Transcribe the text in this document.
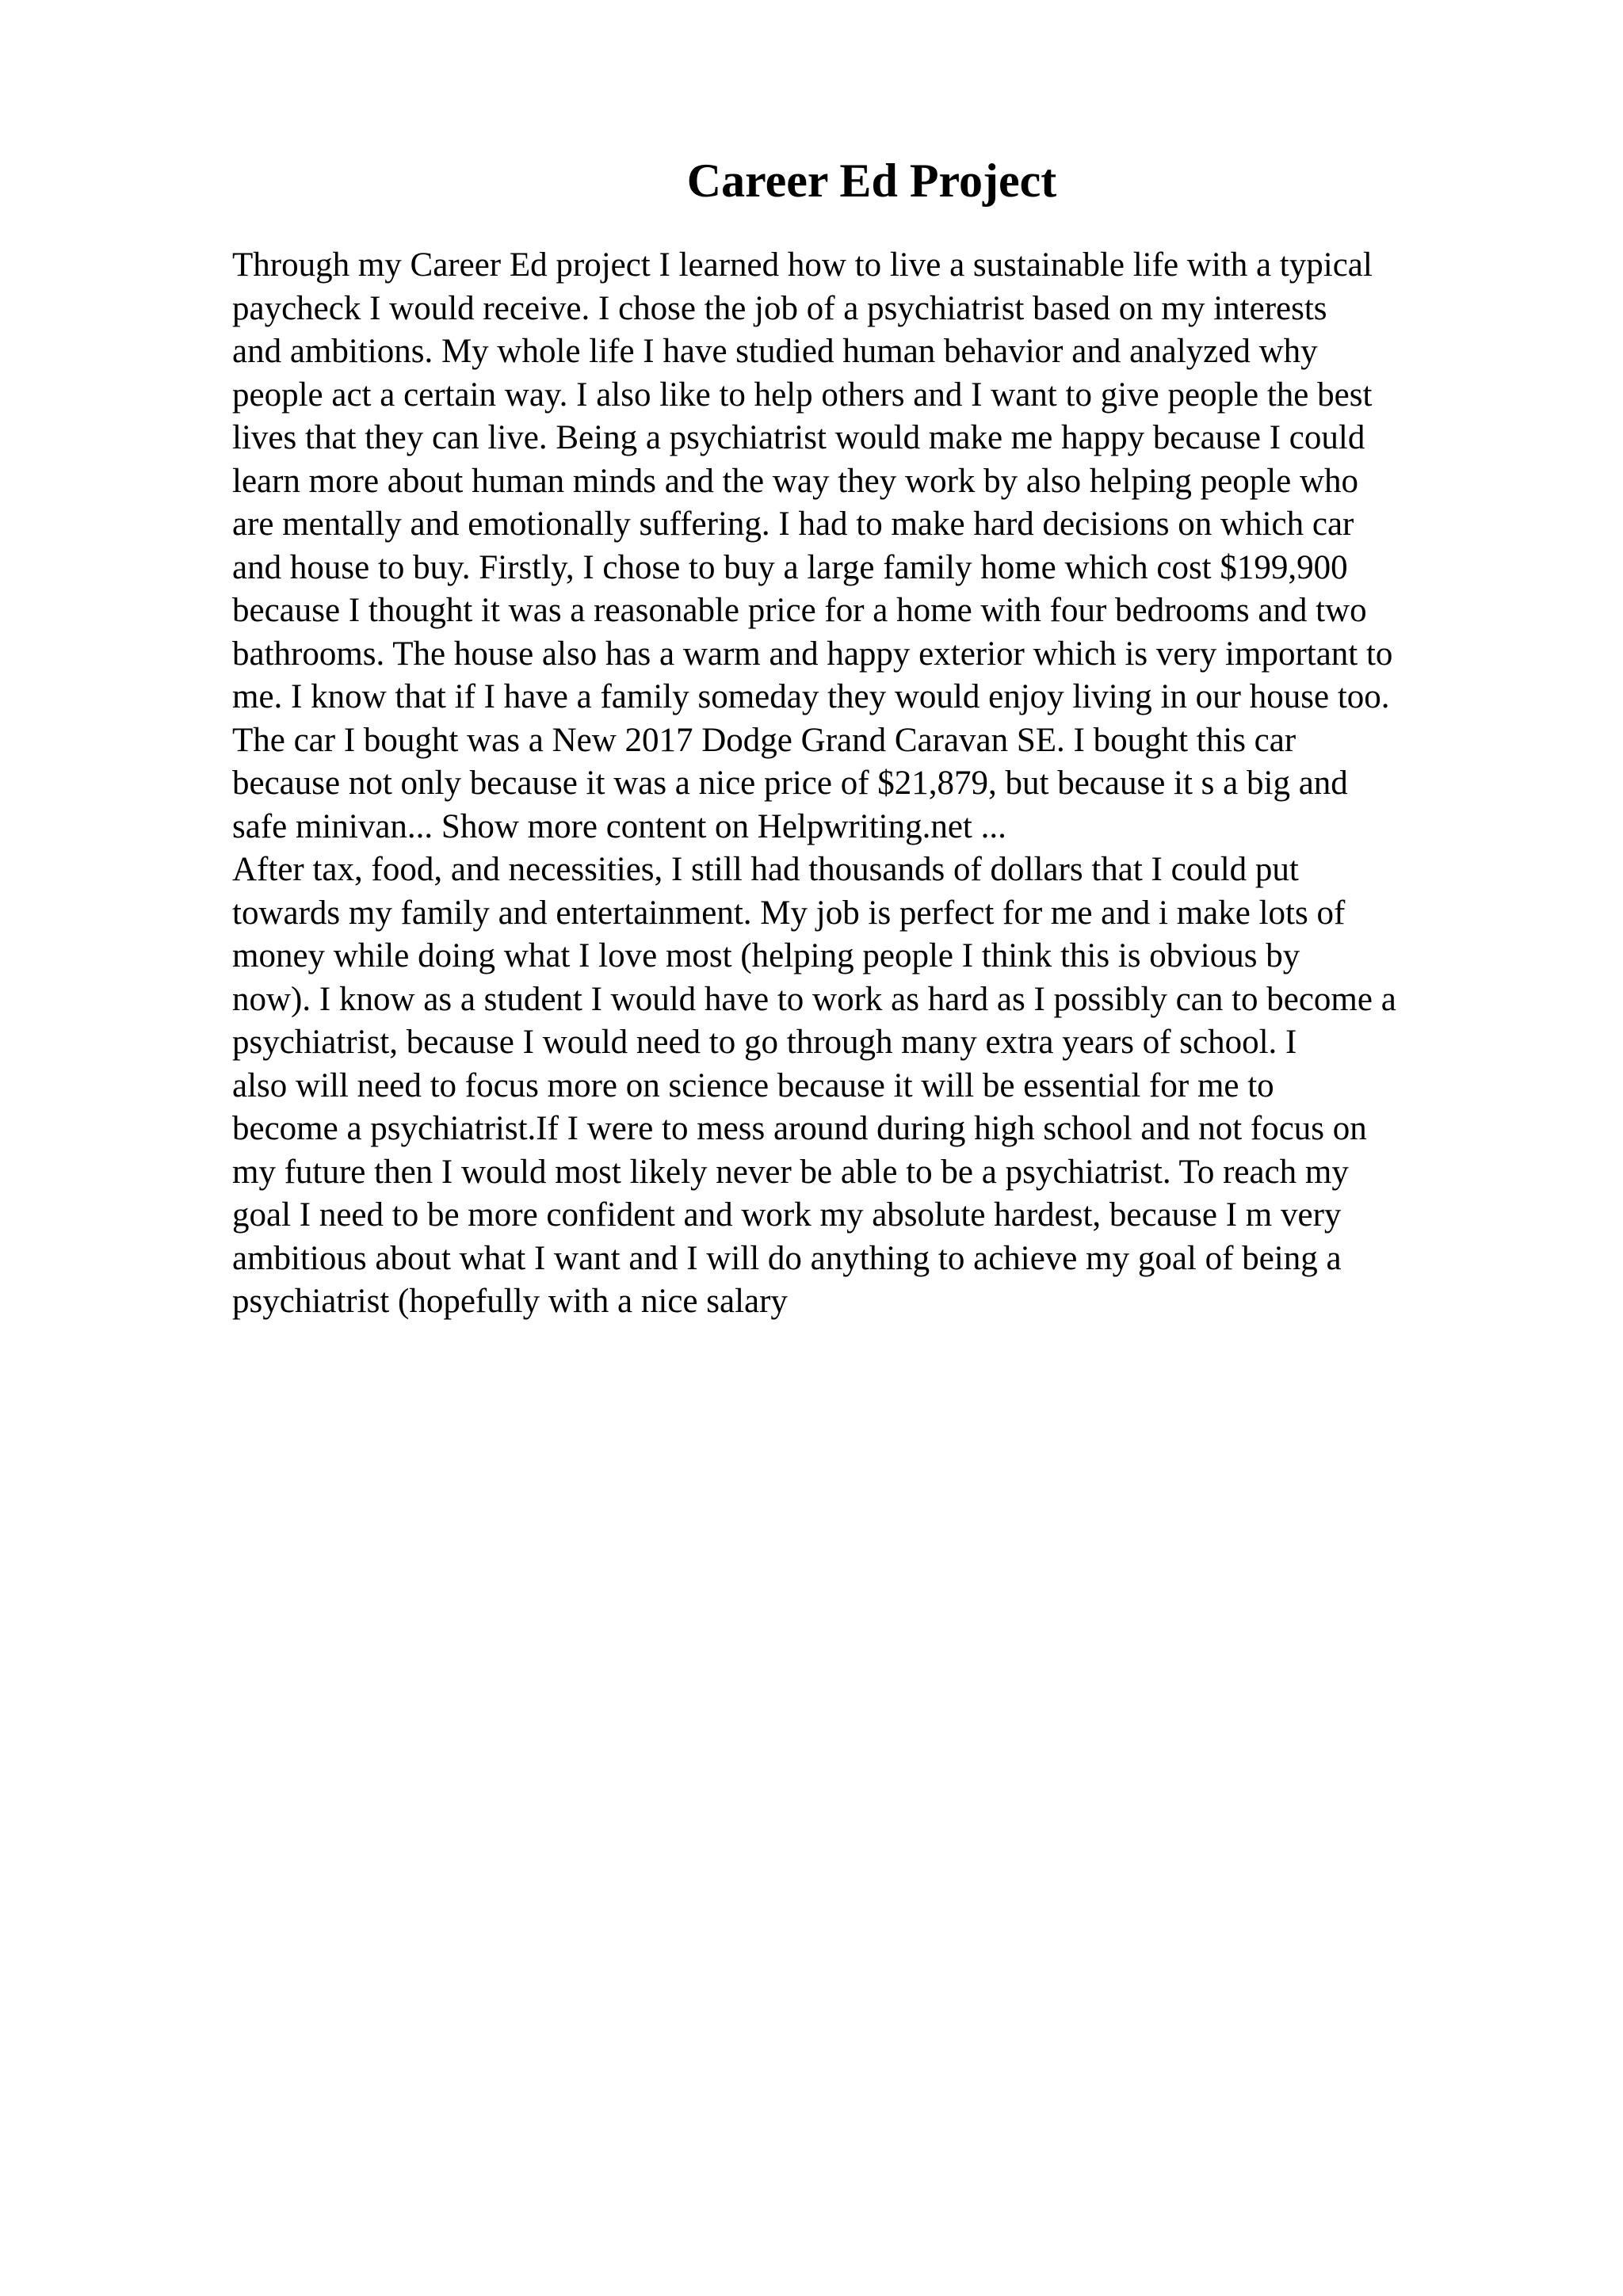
Career Ed Project
Through my Career Ed project I learned how to live a sustainable life with a typical
paycheck I would receive. I chose the job of a psychiatrist based on my interests
and ambitions. My whole life I have studied human behavior and analyzed why
people act a certain way. I also like to help others and I want to give people the best
lives that they can live. Being a psychiatrist would make me happy because I could
learn more about human minds and the way they work by also helping people who
are mentally and emotionally suffering. I had to make hard decisions on which car
and house to buy. Firstly, I chose to buy a large family home which cost $199,900
because I thought it was a reasonable price for a home with four bedrooms and two
bathrooms. The house also has a warm and happy exterior which is very important to
me. I know that if I have a family someday they would enjoy living in our house too.
The car I bought was a New 2017 Dodge Grand Caravan SE. I bought this car
because not only because it was a nice price of $21,879, but because it s a big and
safe minivan... Show more content on Helpwriting.net ...
After tax, food, and necessities, I still had thousands of dollars that I could put
towards my family and entertainment. My job is perfect for me and i make lots of
money while doing what I love most (helping people I think this is obvious by
now). I know as a student I would have to work as hard as I possibly can to become a
psychiatrist, because I would need to go through many extra years of school. I
also will need to focus more on science because it will be essential for me to
become a psychiatrist.If I were to mess around during high school and not focus on
my future then I would most likely never be able to be a psychiatrist. To reach my
goal I need to be more confident and work my absolute hardest, because I m very
ambitious about what I want and I will do anything to achieve my goal of being a
psychiatrist (hopefully with a nice salary
